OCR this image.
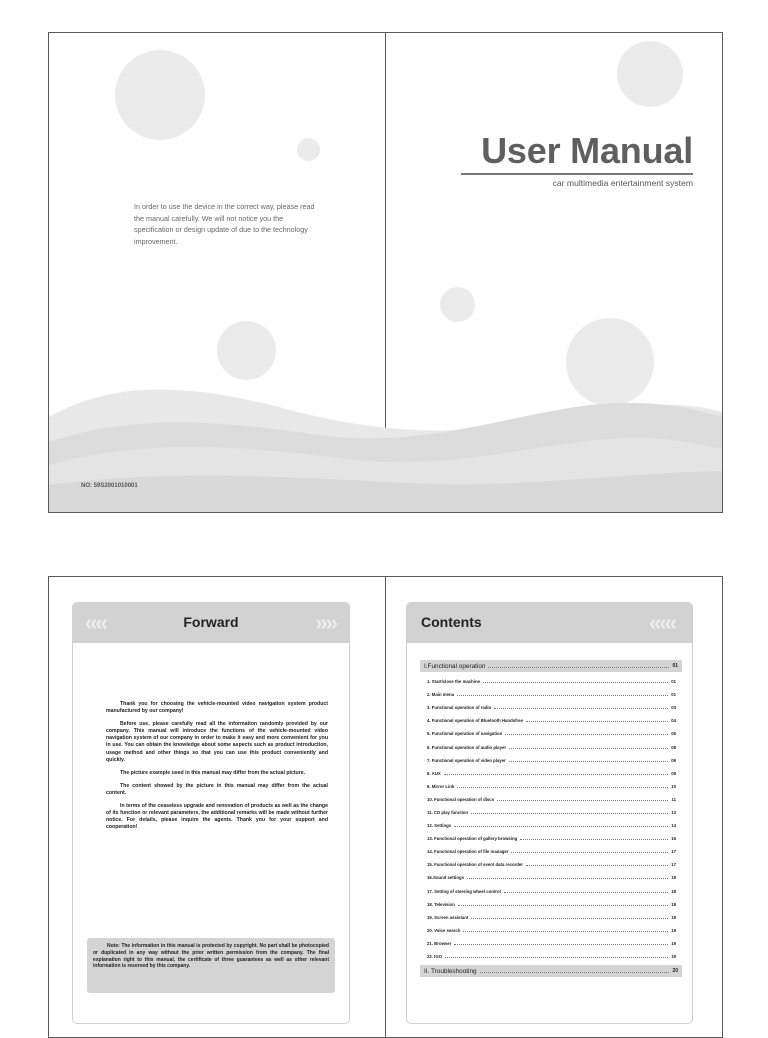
In order to use the device in the correct way, please read the manual carefully. We will not notice you the specification or design update of due to the technology improvement.
NO: 59S2001010001
User Manual
car multimedia entertainment system
«««	Forward	»»»

Thank you for choosing the vehicle-mounted video navigation system product manufactured by our company!

Before use, please carefully read all the information randomly provided by our company. This manual will introduce the functions of the vehicle-mounted video navigation system of our company in order to make it easy and more convenient for you in use. You can obtain the knowledge about some aspects such as product introduction, usage method and other things so that you can use this product conveniently and quickly.

The picture example used in this manual may differ from the actual picture.

The content showed by the picture in this manual may differ from the actual content.

In terms of the ceaseless upgrade and renovation of products as well as the change of its function or relevant parameters, the additional remarks will be made without further notice. For details, please inquire the agents. Thank you for your support and cooperation!

Note: The information in this manual is protected by copyright. No part shall be photocopied or duplicated in any way without the prior written permission from the company. The final explanation right to this manual, the certificate of three guarantees as well as other relevant information is reserved by this company.
Contents	««««
I.Functional operation	01
1. Start/close the machine	01
2. Main menu	01
3. Functional operation of radio	03
4. Functional operation of Bluetooth Handsfree	04
5. Functional operation of navigation	06
6. Functional operation of audio player	08
7. Functional operation of video player	09
8. AUX	09
9. Mirror Link	10
10. Functional operation of discs	11
11. CD play function	13
12. Settings	14
13. Functional operation of gallery browsing	16
14. Functional operation of file manager	17
15. Functional operation of event data recorder	17
16.Sound settings	18
17. Setting of steering wheel control	18
18. Television	18
19. Screen assistant	18
20. Voice search	19
21. Browser	19
22. IGO	19
II. Troubleshooting	20
